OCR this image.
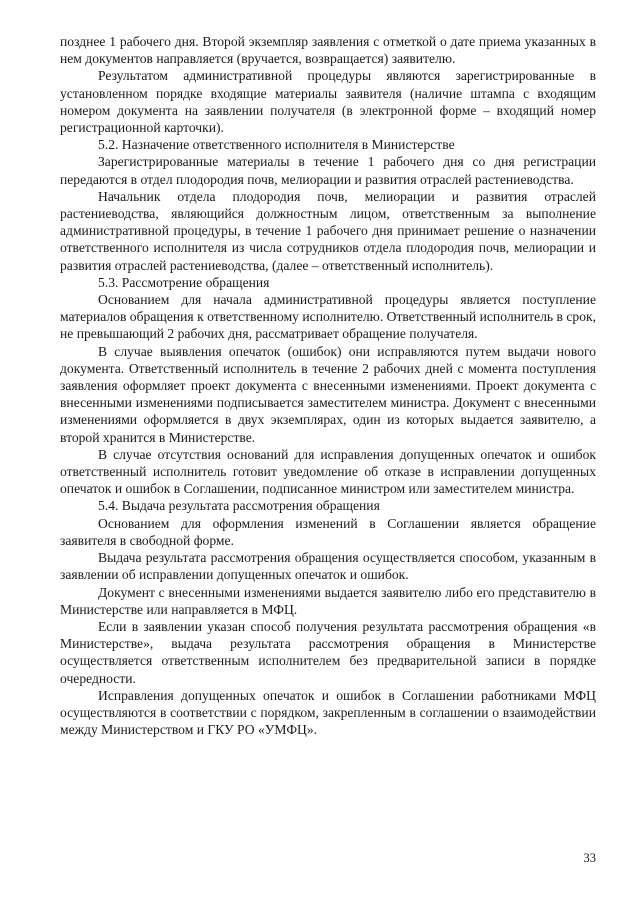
позднее 1 рабочего дня. Второй экземпляр заявления с отметкой о дате приема указанных в нем документов направляется (вручается, возвращается) заявителю.

Результатом административной процедуры являются зарегистрированные в установленном порядке входящие материалы заявителя (наличие штампа с входящим номером документа на заявлении получателя (в электронной форме – входящий номер регистрационной карточки).

5.2. Назначение ответственного исполнителя в Министерстве

Зарегистрированные материалы в течение 1 рабочего дня со дня регистрации передаются в отдел плодородия почв, мелиорации и развития отраслей растениеводства.

Начальник отдела плодородия почв, мелиорации и развития отраслей растениеводства, являющийся должностным лицом, ответственным за выполнение административной процедуры, в течение 1 рабочего дня принимает решение о назначении ответственного исполнителя из числа сотрудников отдела плодородия почв, мелиорации и развития отраслей растениеводства, (далее – ответственный исполнитель).

5.3. Рассмотрение обращения

Основанием для начала административной процедуры является поступление материалов обращения к ответственному исполнителю. Ответственный исполнитель в срок, не превышающий 2 рабочих дня, рассматривает обращение получателя.

В случае выявления опечаток (ошибок) они исправляются путем выдачи нового документа. Ответственный исполнитель в течение 2 рабочих дней с момента поступления заявления оформляет проект документа с внесенными изменениями. Проект документа с внесенными изменениями подписывается заместителем министра. Документ с внесенными изменениями оформляется в двух экземплярах, один из которых выдается заявителю, а второй хранится в Министерстве.

В случае отсутствия оснований для исправления допущенных опечаток и ошибок ответственный исполнитель готовит уведомление об отказе в исправлении допущенных опечаток и ошибок в Соглашении, подписанное министром или заместителем министра.

5.4. Выдача результата рассмотрения обращения

Основанием для оформления изменений в Соглашении является обращение заявителя в свободной форме.

Выдача результата рассмотрения обращения осуществляется способом, указанным в заявлении об исправлении допущенных опечаток и ошибок.

Документ с внесенными изменениями выдается заявителю либо его представителю в Министерстве или направляется в МФЦ.

Если в заявлении указан способ получения результата рассмотрения обращения «в Министерстве», выдача результата рассмотрения обращения в Министерстве осуществляется ответственным исполнителем без предварительной записи в порядке очередности.

Исправления допущенных опечаток и ошибок в Соглашении работниками МФЦ осуществляются в соответствии с порядком, закрепленным в соглашении о взаимодействии между Министерством и ГКУ РО «УМФЦ».

33
